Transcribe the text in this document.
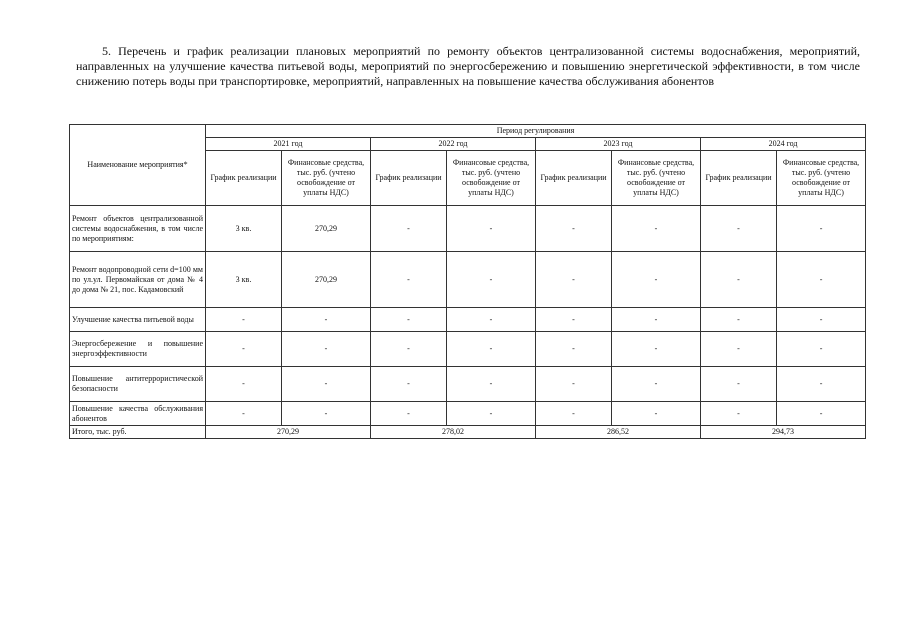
5. Перечень и график реализации плановых мероприятий по ремонту объектов централизованной системы водоснабжения, мероприятий, направленных на улучшение качества питьевой воды, мероприятий по энергосбережению и повышению энергетической эффективности, в том числе снижению потерь воды при транспортировке, мероприятий, направленных на повышение качества обслуживания абонентов

Наименование мероприятия*	Период регулирования							
	2021 год		2022 год		2023 год		2024 год	
	График реализации	Финансовые средства, тыс. руб. (учтено освобождение от уплаты НДС)	График реализации	Финансовые средства, тыс. руб. (учтено освобождение от уплаты НДС)	График реализации	Финансовые средства, тыс. руб. (учтено освобождение от уплаты НДС)	График реализации	Финансовые средства, тыс. руб. (учтено освобождение от уплаты НДС)
Ремонт объектов централизованной системы водоснабжения, в том числе по мероприятиям:	3 кв.	270,29	-	-	-	-	-	-
Ремонт водопроводной сети d=100 мм по ул.ул. Первомайская от дома № 4 до дома № 21, пос. Кадамовский	3 кв.	270,29	-	-	-	-	-	-
Улучшение качества питьевой воды	-	-	-	-	-	-	-	-
Энергосбережение и повышение энергоэффективности	-	-	-	-	-	-	-	-
Повышение антитеррористической безопасности	-	-	-	-	-	-	-	-
Повышение качества обслуживания абонентов	-	-	-	-	-	-	-	-
Итого, тыс. руб.	270,29		278,02		286,52		294,73	
